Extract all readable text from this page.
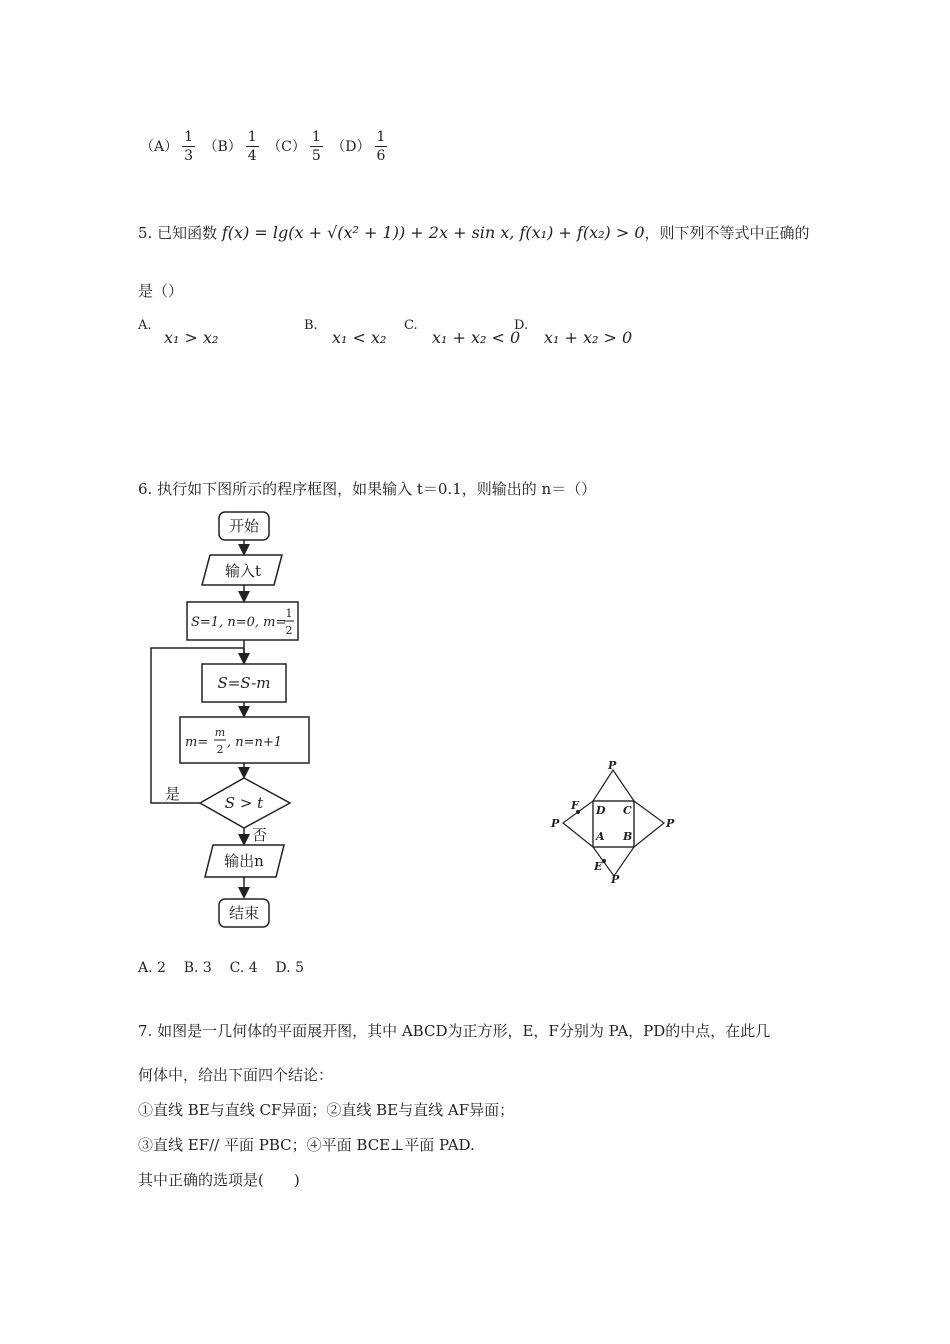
$(A) \frac{1}{3} (B) \frac{1}{4} (C) \frac{1}{5} (D) \frac{1}{6}$
5. 已知函数 f(x) = lg(x + √(x² + 1)) + 2x + sin x, f(x₁) + f(x₂) > 0，则下列不等式中正确的
是（）
A.
x₁ > x₂
B.
x₁ < x₂
C.
x₁ + x₂ < 0
D.
x₁ + x₂ > 0
6. 执行如下图所示的程序框图，如果输入 t＝0.1，则输出的 n＝（）
开始
输入t
S=1, n=0, m=
1
2
S=S-m
m=
m
2 , n=n+1
S > t
是
否
输出n
结束
A. 2    B. 3    C. 4    D. 5
P
P	P
P
D C
A B
F
E
7. 如图是一几何体的平面展开图，其中 ABCD为正方形，E，F分别为 PA，PD的中点，在此几
何体中，给出下面四个结论：
①直线 BE与直线 CF异面；②直线 BE与直线 AF异面；
③直线 EF// 平面 PBC；④平面 BCE⊥平面 PAD.
其中正确的选项是(　　)
